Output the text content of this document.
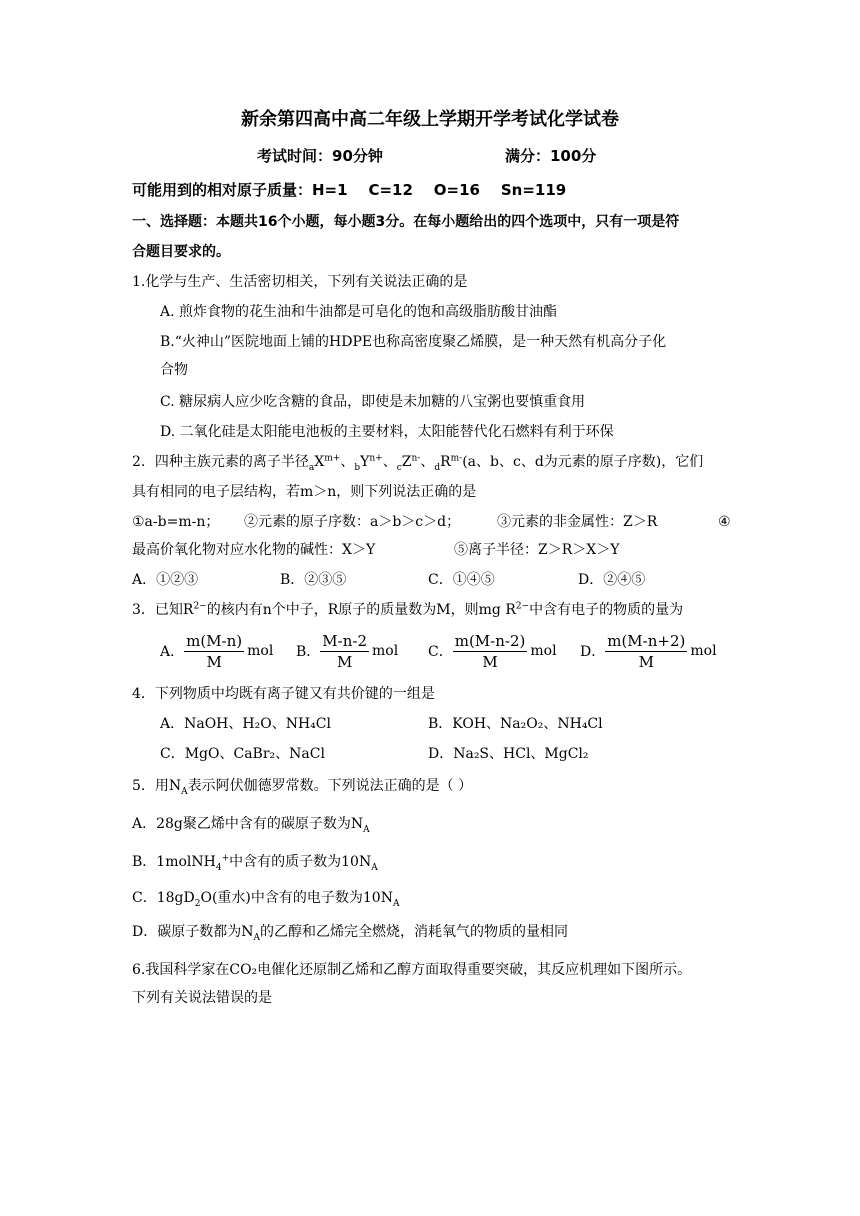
新余第四高中高二年级上学期开学考试化学试卷
考试时间：90分钟	满分：100分
可能用到的相对原子质量：H=1    C=12    O=16    Sn=119
一、选择题：本题共16个小题，每小题3分。在每小题给出的四个选项中，只有一项是符
合题目要求的。
1.化学与生产、生活密切相关，下列有关说法正确的是
A. 煎炸食物的花生油和牛油都是可皂化的饱和高级脂肪酸甘油酯
B.“火神山”医院地面上铺的HDPE也称高密度聚乙烯膜，是一种天然有机高分子化
合物
C. 糖尿病人应少吃含糖的食品，即使是未加糖的八宝粥也要慎重食用
D. 二氧化硅是太阳能电池板的主要材料，太阳能替代化石燃料有利于环保
2．四种主族元素的离子半径$_aX^{m+}$、$_bY^{n+}$、$_cZ^{n-}$、$_dR^{m-}(a$、b、c、d为元素的原子序数)，它们
具有相同的电子层结构，若m＞n，则下列说法正确的是
①a-b=m-n； ②元素的原子序数：a＞b＞c＞d；	③元素的非金属性：Z＞R	④
最高价氧化物对应水化物的碱性：X＞Y	⑤离子半径：Z＞R＞X＞Y
A．①②③	B．②③⑤	C．①④⑤	D．②④⑤
3．已知$R^{2-}$的核内有n个中子，R原子的质量数为M，则mg $R^{2-}$中含有电子的物质的量为
A． $\frac{m(M-n)}{M}$ mol B． $\frac{M-n-2}{M}$ mol C． $\frac{m(M-n-2)}{M}$ mol D． $\frac{m(M-n+2)}{M}$ mol
4．下列物质中均既有离子键又有共价键的一组是
A．NaOH、H₂O、NH₄Cl	B．KOH、Na₂O₂、NH₄Cl
C．MgO、CaBr₂、NaCl	D．Na₂S、HCl、MgCl₂
5．用$N_A$表示阿伏伽德罗常数。下列说法正确的是（ ）
A．28g聚乙烯中含有的碳原子数为$N_A$
B．1molNH$_4$+中含有的质子数为$10N_A$
C．$18gD_2O$(重水)中含有的电子数为$10N_A$
D．碳原子数都为$N_A$的乙醇和乙烯完全燃烧，消耗氧气的物质的量相同
6.我国科学家在CO₂电催化还原制乙烯和乙醇方面取得重要突破，其反应机理如下图所示。
下列有关说法错误的是
